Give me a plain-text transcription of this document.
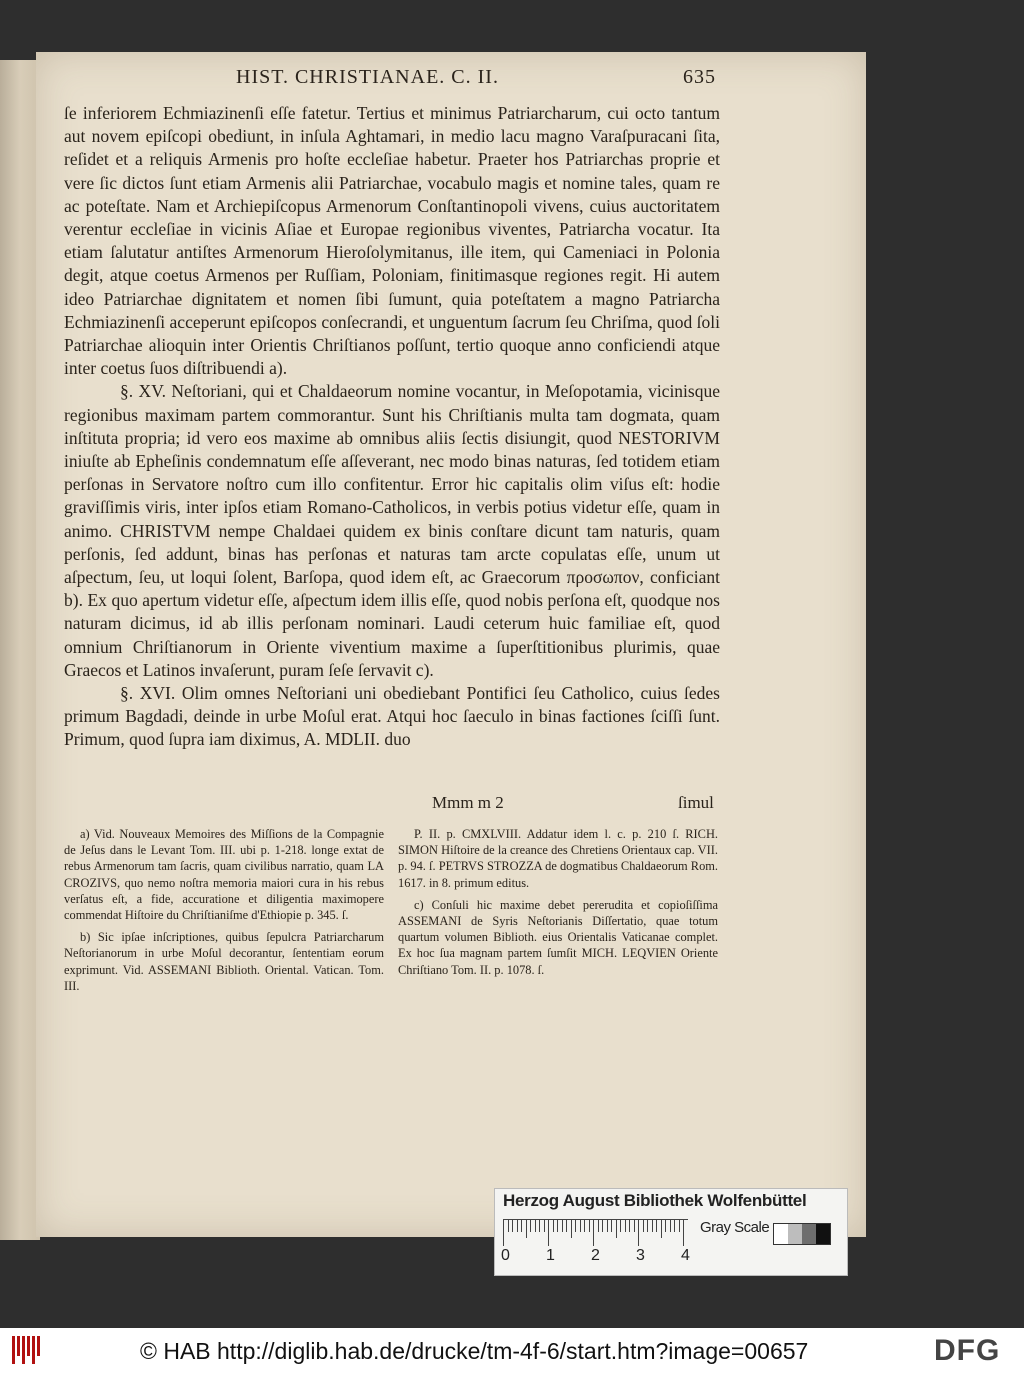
HIST. CHRISTIANAE. C. II.	635

ſe inferiorem Echmiazinenſi eſſe fatetur. Tertius et minimus Patriarcharum, cui octo tantum aut novem epiſcopi obediunt, in inſula Aghtamari, in medio lacu magno Varaſpuracani ſita, reſidet et a reliquis Armenis pro hoſte eccleſiae habetur. Praeter hos Patriarchas proprie et vere ſic dictos ſunt etiam Armenis alii Patriarchae, vocabulo magis et nomine tales, quam re ac poteſtate. Nam et Archiepiſcopus Armenorum Conſtantinopoli vivens, cuius auctoritatem verentur eccleſiae in vicinis Aſiae et Europae regionibus viventes, Patriarcha vocatur. Ita etiam ſalutatur antiſtes Armenorum Hieroſolymitanus, ille item, qui Cameniaci in Polonia degit, atque coetus Armenos per Ruſſiam, Poloniam, finitimasque regiones regit. Hi autem ideo Patriarchae dignitatem et nomen ſibi ſumunt, quia poteſtatem a magno Patriarcha Echmiazinenſi acceperunt epiſcopos conſecrandi, et unguentum ſacrum ſeu Chriſma, quod ſoli Patriarchae alioquin inter Orientis Chriſtianos poſſunt, tertio quoque anno conficiendi atque inter coetus ſuos diſtribuendi a).

§. XV. Neſtoriani, qui et Chaldaeorum nomine vocantur, in Meſopotamia, vicinisque regionibus maximam partem commorantur. Sunt his Chriſtianis multa tam dogmata, quam inſtituta propria; id vero eos maxime ab omnibus aliis ſectis disiungit, quod NESTORIVM iniuſte ab Epheſinis condemnatum eſſe aſſeverant, nec modo binas naturas, ſed totidem etiam perſonas in Servatore noſtro cum illo confitentur. Error hic capitalis olim viſus eſt: hodie graviſſimis viris, inter ipſos etiam Romano-Catholicos, in verbis potius videtur eſſe, quam in animo. CHRISTVM nempe Chaldaei quidem ex binis conſtare dicunt tam naturis, quam perſonis, ſed addunt, binas has perſonas et naturas tam arcte copulatas eſſe, unum ut aſpectum, ſeu, ut loqui ſolent, Barſopa, quod idem eſt, ac Graecorum προσωπον, conficiant b). Ex quo apertum videtur eſſe, aſpectum idem illis eſſe, quod nobis perſona eſt, quodque nos naturam dicimus, id ab illis perſonam nominari. Laudi ceterum huic familiae eſt, quod omnium Chriſtianorum in Oriente viventium maxime a ſuperſtitionibus plurimis, quae Graecos et Latinos invaſerunt, puram ſeſe ſervavit c).

§. XVI. Olim omnes Neſtoriani uni obediebant Pontifici ſeu Catholico, cuius ſedes primum Bagdadi, deinde in urbe Moſul erat. Atqui hoc ſaeculo in binas factiones ſciſſi ſunt. Primum, quod ſupra iam diximus, A. MDLII. duo

Mmm m 2	ſimul

a) Vid. Nouveaux Memoires des Miſſions de la Compagnie de Jeſus dans le Levant Tom. III. ubi p. 1-218. longe extat de rebus Armenorum tam ſacris, quam civilibus narratio, quam LA CROZIVS, quo nemo noſtra memoria maiori cura in his rebus verſatus eſt, a fide, accuratione et diligentia maximopere commendat Hiſtoire du Chriſtianiſme d'Ethiopie p. 345. ſ.

b) Sic ipſae inſcriptiones, quibus ſepulcra Patriarcharum Neſtorianorum in urbe Moſul decorantur, ſententiam eorum exprimunt. Vid. ASSEMANI Biblioth. Oriental. Vatican. Tom. III.

P. II. p. CMXLVIII. Addatur idem l. c. p. 210 ſ. RICH. SIMON Hiſtoire de la creance des Chretiens Orientaux cap. VII. p. 94. ſ. PETRVS STROZZA de dogmatibus Chaldaeorum Rom. 1617. in 8. primum editus.

c) Conſuli hic maxime debet pererudita et copioſiſſima ASSEMANI de Syris Neſtorianis Diſſertatio, quae totum quartum volumen Biblioth. eius Orientalis Vaticanae complet. Ex hoc ſua magnam partem ſumſit MICH. LEQVIEN Oriente Chriſtiano Tom. II. p. 1078. ſ.

Herzog August Bibliothek Wolfenbüttel
0 1 2 3 4
Gray Scale
© HAB http://diglib.hab.de/drucke/tm-4f-6/start.htm?image=00657	DFG
